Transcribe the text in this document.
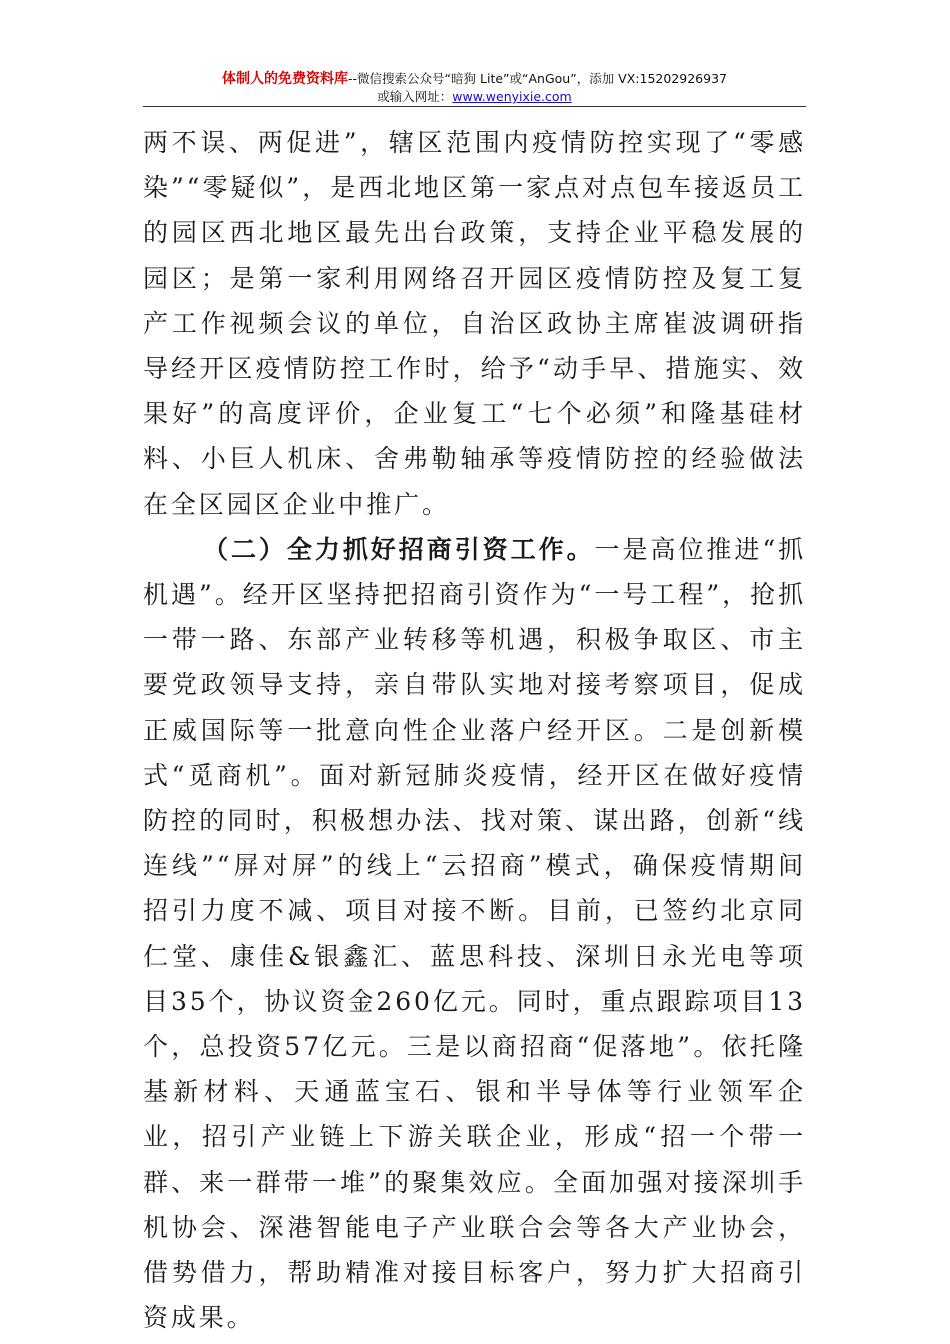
体制人的免费资料库--微信搜索公众号“暗狗 Lite”或“AnGou”，添加 VX:15202926937
或输入网址：www.wenyixie.com

两不误、两促进”，辖区范围内疫情防控实现了“零感染”“零疑似”，是西北地区第一家点对点包车接返员工的园区西北地区最先出台政策，支持企业平稳发展的园区；是第一家利用网络召开园区疫情防控及复工复产工作视频会议的单位，自治区政协主席崔波调研指导经开区疫情防控工作时，给予“动手早、措施实、效果好”的高度评价，企业复工“七个必须”和隆基硅材料、小巨人机床、舍弗勒轴承等疫情防控的经验做法在全区园区企业中推广。

（二）全力抓好招商引资工作。一是高位推进“抓机遇”。经开区坚持把招商引资作为“一号工程”，抢抓一带一路、东部产业转移等机遇，积极争取区、市主要党政领导支持，亲自带队实地对接考察项目，促成正威国际等一批意向性企业落户经开区。二是创新模式“觅商机”。面对新冠肺炎疫情，经开区在做好疫情防控的同时，积极想办法、找对策、谋出路，创新“线连线”“屏对屏”的线上“云招商”模式，确保疫情期间招引力度不减、项目对接不断。目前，已签约北京同仁堂、康佳&银鑫汇、蓝思科技、深圳日永光电等项目35个，协议资金260亿元。同时，重点跟踪项目13个，总投资57亿元。三是以商招商“促落地”。依托隆基新材料、天通蓝宝石、银和半导体等行业领军企业，招引产业链上下游关联企业，形成“招一个带一群、来一群带一堆”的聚集效应。全面加强对接深圳手机协会、深港智能电子产业联合会等各大产业协会，借势借力，帮助精准对接目标客户，努力扩大招商引资成果。
